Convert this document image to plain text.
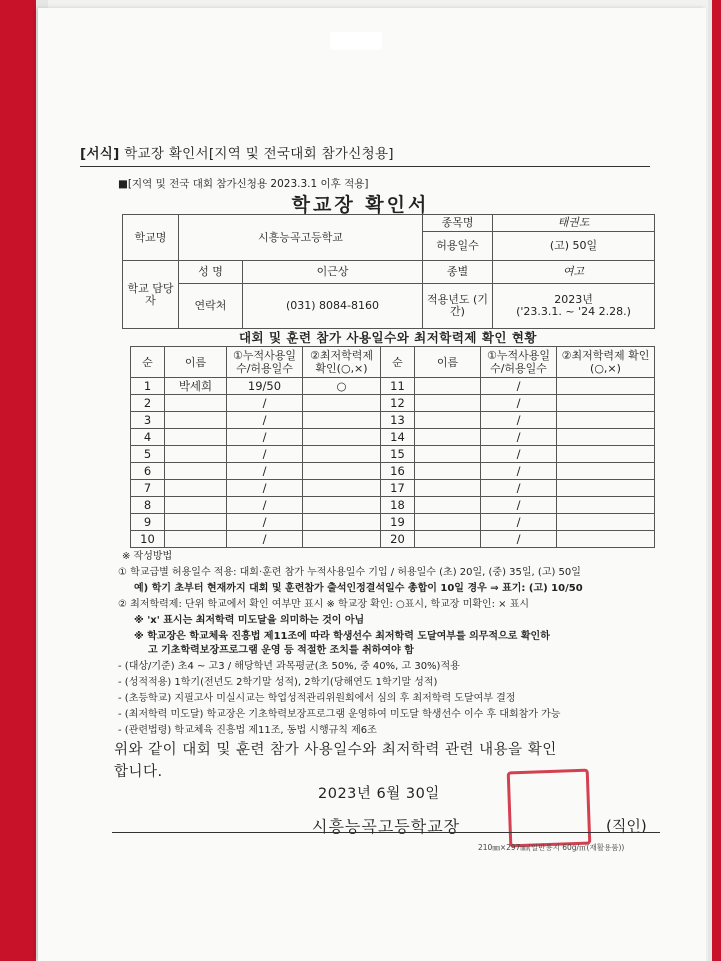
[서식] 학교장 확인서[지역 및 전국대회 참가신청용]
■[지역 및 전국 대회 참가신청용 2023.3.1 이후 적용]
학교장 확인서
학교명	시흥능곡고등학교		종목명	태권도
			허용일수	(고) 50일
학교 담당자	성 명	이근상	종별	여고
	연락처	(031) 8084-8160	적용년도 (기간)	2023년
('23.3.1. ~ '24 2.28.)
대회 및 훈련 참가 사용일수와 최저학력제 확인 현황
순	이름	①누적사용일수/허용일수	②최저학력제 확인(○,×)	순	이름	①누적사용일수/허용일수	②최저학력제 확인(○,×)
1	박세희	19/50	○	11		/	
2		/		12		/	
3		/		13		/	
4		/		14		/	
5		/		15		/	
6		/		16		/	
7		/		17		/	
8		/		18		/	
9		/		19		/	
10		/		20		/	
※ 작성방법
① 학교급별 허용일수 적용: 대회·훈련 참가 누적사용일수 기입 / 허용일수 (초) 20일, (중) 35일, (고) 50일
예) 학기 초부터 현재까지 대회 및 훈련참가 출석인정결석일수 총합이 10일 경우 ⇒ 표기: (고) 10/50
② 최저학력제: 단위 학교에서 확인 여부만 표시 ※ 학교장 확인: ○표시, 학교장 미확인: × 표시
※ 'x' 표시는 최저학력 미도달을 의미하는 것이 아님
※ 학교장은 학교체육 진흥법 제11조에 따라 학생선수 최저학력 도달여부를 의무적으로 확인하
고 기초학력보장프로그램 운영 등 적절한 조치를 취하여야 함
- (대상/기준) 초4 ~ 고3 / 해당학년 과목평균(초 50%, 중 40%, 고 30%)적용
- (성적적용) 1학기(전년도 2학기말 성적), 2학기(당해연도 1학기말 성적)
- (초등학교) 지필고사 미실시교는 학업성적관리위원회에서 심의 후 최저학력 도달여부 결정
- (최저학력 미도달) 학교장은 기초학력보장프로그램 운영하여 미도달 학생선수 이수 후 대회참가 가능
- (관련법령) 학교체육 진흥법 제11조, 동법 시행규칙 제6조
위와 같이 대회 및 훈련 참가 사용일수와 최저학력 관련 내용을 확인
합니다.
2023년 6월 30일
시흥능곡고등학교장	(직인)
210㎜×297㎜(일반용지 60g/㎡(재활용품))
